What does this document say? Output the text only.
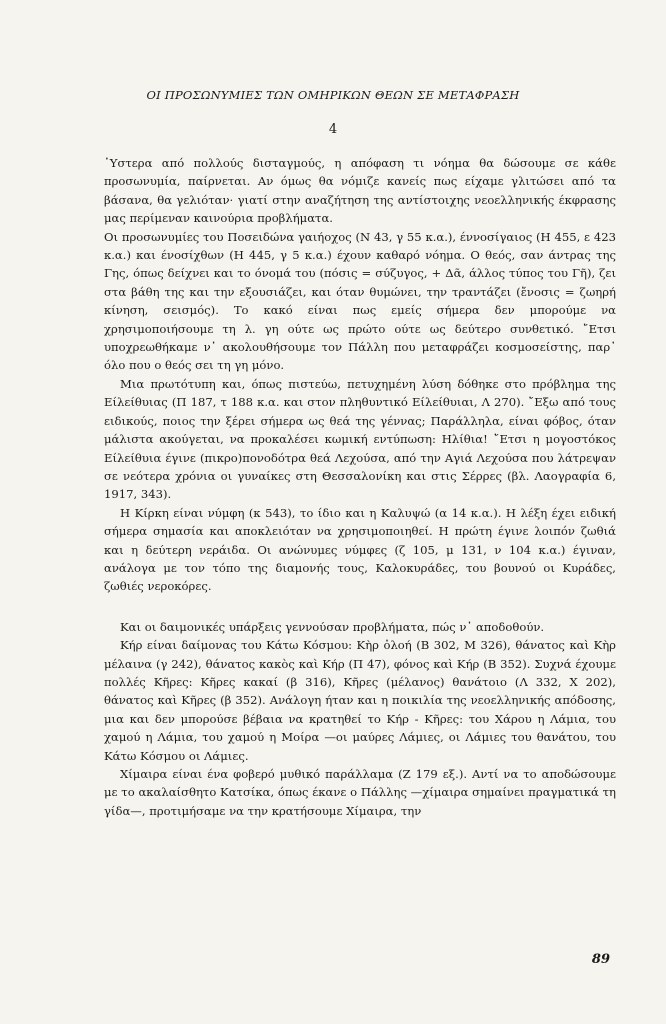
ΟΙ ΠΡΟΣΩΝΥΜΙΕΣ ΤΩΝ ΟΜΗΡΙΚΩΝ ΘΕΩΝ ΣΕ ΜΕΤΑΦΡΑΣΗ
4

῾Υστερα από πολλούς δισταγμούς, η απόφαση τι νόημα θα δώσουμε σε κάθε προσωνυμία, παίρνεται. Αν όμως θα νόμιζε κανείς πως είχαμε γλιτώσει από τα βάσανα, θα γελιόταν· γιατί στην αναζήτηση της αντίστοιχης νεοελληνικής έκφρασης μας περίμεναν καινούρια προβλήματα.

Οι προσωνυμίες του Ποσειδώνα γαιήοχος (Ν 43, γ 55 κ.α.), έννοσίγαιος (Η 455, ε 423 κ.α.) και ένοσίχθων (Η 445, γ 5 κ.α.) έχουν καθαρό νόημα. Ο θεός, σαν άντρας της Γης, όπως δείχνει και το όνομά του (πόσις = σύζυγος, + Δᾶ, άλλος τύπος του Γῆ), ζει στα βάθη της και την εξουσιάζει, και όταν θυμώνει, την τραντάζει (ἔνοσις = ζωηρή κίνηση, σεισμός). Το κακό είναι πως εμείς σήμερα δεν μπορούμε να χρησιμοποιήσουμε τη λ. γη ούτε ως πρώτο ούτε ως δεύτερο συνθετικό. ῎Ετσι υποχρεωθήκαμε ν᾽ ακολουθήσουμε τον Πάλλη που μεταφράζει κοσμοσείστης, παρ᾽ όλο που ο θεός σει τη γη μόνο.

Μια πρωτότυπη και, όπως πιστεύω, πετυχημένη λύση δόθηκε στο πρόβλημα της Είλείθυιας (Π 187, τ 188 κ.α. και στον πληθυντικό Είλείθυιαι, Λ 270). ῎Εξω από τους ειδικούς, ποιος την ξέρει σήμερα ως θεά της γέννας; Παράλληλα, είναι φόβος, όταν μάλιστα ακούγεται, να προκαλέσει κωμική εντύπωση: Ηλίθια! ῎Ετσι η μογοστόκος Είλείθυια έγινε (πικρο)πονοδότρα θεά Λεχούσα, από την Αγιά Λεχούσα που λάτρεψαν σε νεότερα χρόνια οι γυναίκες στη Θεσσαλονίκη και στις Σέρρες (βλ. Λαογραφία 6, 1917, 343).

Η Κίρκη είναι νύμφη (κ 543), το ίδιο και η Καλυψώ (α 14 κ.α.). Η λέξη έχει ειδική σήμερα σημασία και αποκλειόταν να χρησιμοποιηθεί. Η πρώτη έγινε λοιπόν ζωθιά και η δεύτερη νεράιδα. Οι ανώνυμες νύμφες (ζ 105, μ 131, ν 104 κ.α.) έγιναν, ανάλογα με τον τόπο της διαμονής τους, Καλοκυράδες, του βουνού οι Κυράδες, ζωθιές νεροκόρες.

Και οι δαιμονικές υπάρξεις γεννούσαν προβλήματα, πώς ν᾽ αποδοθούν.

Κήρ είναι δαίμονας του Κάτω Κόσμου: Κὴρ ὀλοή (Β 302, Μ 326), θάνατος καὶ Κὴρ μέλαινα (γ 242), θάνατος κακὸς καὶ Κήρ (Π 47), φόνος καὶ Κήρ (Β 352). Συχνά έχουμε πολλές Κῆρες: Κῆρες κακαί (β 316), Κῆρες (μέλανος) θανάτοιο (Λ 332, Χ 202), θάνατος καὶ Κῆρες (β 352). Ανάλογη ήταν και η ποικιλία της νεοελληνικής απόδοσης, μια και δεν μπορούσε βέβαια να κρατηθεί το Κήρ - Κῆρες: του Χάρου η Λάμια, του χαμού η Λάμια, του χαμού η Μοίρα —οι μαύρες Λάμιες, οι Λάμιες του θανάτου, του Κάτω Κόσμου οι Λάμιες.

Χίμαιρα είναι ένα φοβερό μυθικό παράλλαμα (Ζ 179 εξ.). Αντί να το αποδώσουμε με το ακαλαίσθητο Κατσίκα, όπως έκανε ο Πάλλης —χίμαιρα σημαίνει πραγματικά τη γίδα—, προτιμήσαμε να την κρατήσουμε Χίμαιρα, την

89
